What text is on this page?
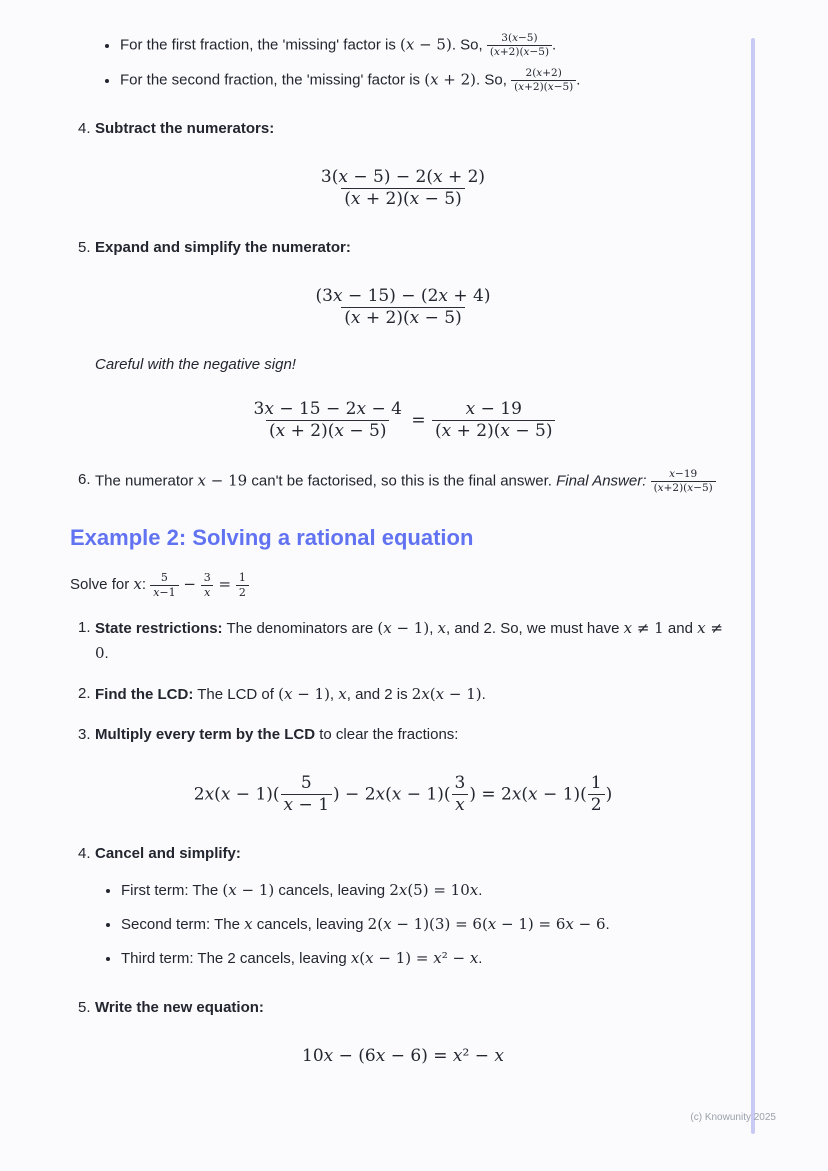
• For the first fraction, the 'missing' factor is (x − 5). So, $\frac{3(x-5)}{(x+2)(x-5)}$ .
• For the second fraction, the 'missing' factor is (x + 2). So, $\frac{2(x+2)}{(x+2)(x-5)}$ .
4. Subtract the numerators:
$\frac{3(x - 5) - 2(x + 2)}{(x + 2)(x - 5)}$
5. Expand and simplify the numerator:
$\frac{(3x - 15) - (2x + 4)}{(x + 2)(x - 5)}$
Careful with the negative sign!
$\frac{3x - 15 - 2x - 4}{(x + 2)(x - 5)} = \frac{x - 19}{(x + 2)(x - 5)}$
6. The numerator x − 19 can't be factorised, so this is the final answer. Final Answer: $\frac{x-19}{(x+2)(x-5)}$
Example 2: Solving a rational equation
Solve for x: $\frac{5}{x-1} - \frac{3}{x} = \frac{1}{2}$
1. State restrictions: The denominators are (x − 1), x, and 2. So, we must have x ≠ 1 and x ≠ 0.
2. Find the LCD: The LCD of (x − 1), x, and 2 is 2x(x − 1).
3. Multiply every term by the LCD to clear the fractions:
$2x(x - 1)( \frac{5}{x - 1}$ ) − $2x(x - 1)( \frac{3}{x}$ ) = $2x(x - 1)( \frac{1}{2}$ )
4. Cancel and simplify:
• First term: The (x − 1) cancels, leaving 2x(5) = 10x.
• Second term: The x cancels, leaving 2(x − 1)(3) = 6(x − 1) = 6x − 6.
• Third term: The 2 cancels, leaving x(x − 1) = x² − x.
5. Write the new equation:
10x − (6x − 6) = x² − x
(c) Knowunity 2025
